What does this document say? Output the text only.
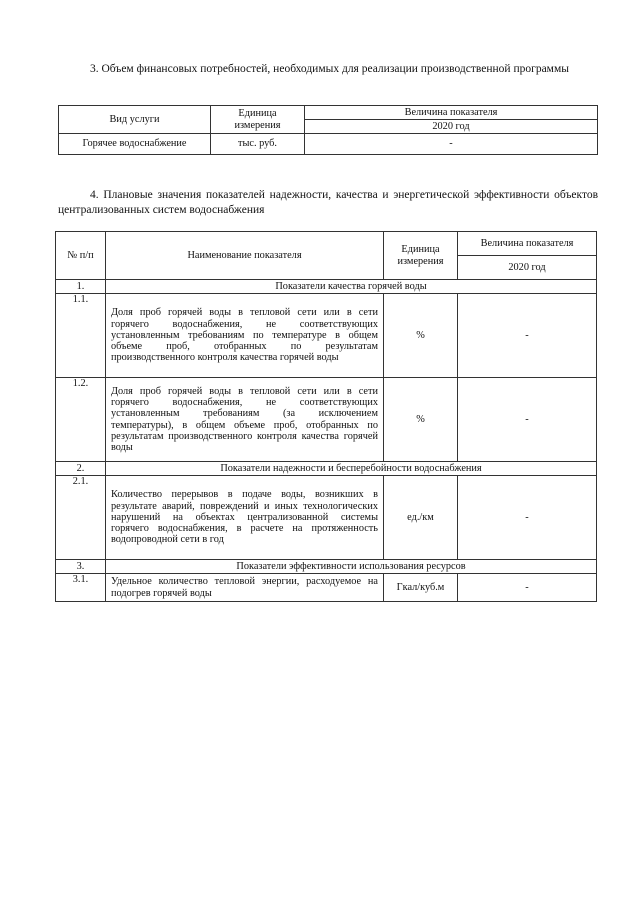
3. Объем финансовых потребностей, необходимых для реализации производственной программы
Вид услуги	Единица измерения	Величина показателя
		2020 год
Горячее водоснабжение	тыс. руб.	-
4. Плановые значения показателей надежности, качества и энергетической эффективности объектов централизованных систем водоснабжения
№ п/п	Наименование показателя	Единица измерения	Величина показателя
			2020 год
1.	Показатели качества горячей воды		
1.1.	Доля проб горячей воды в тепловой сети или в сети горячего водоснабжения, не соответствующих установленным требованиям по температуре в общем объеме проб, отобранных по результатам производственного контроля качества горячей воды	%	-
1.2.	Доля проб горячей воды в тепловой сети или в сети горячего водоснабжения, не соответствующих установленным требованиям (за исключением температуры), в общем объеме проб, отобранных по результатам производственного контроля качества горячей воды	%	-
2.	Показатели надежности и бесперебойности водоснабжения		
2.1.	Количество перерывов в подаче воды, возникших в результате аварий, повреждений и иных технологических нарушений на объектах централизованной системы горячего водоснабжения, в расчете на протяженность водопроводной сети в год	ед./км	-
3.	Показатели эффективности использования ресурсов		
3.1.	Удельное количество тепловой энергии, расходуемое на подогрев горячей воды	Гкал/куб.м	-
